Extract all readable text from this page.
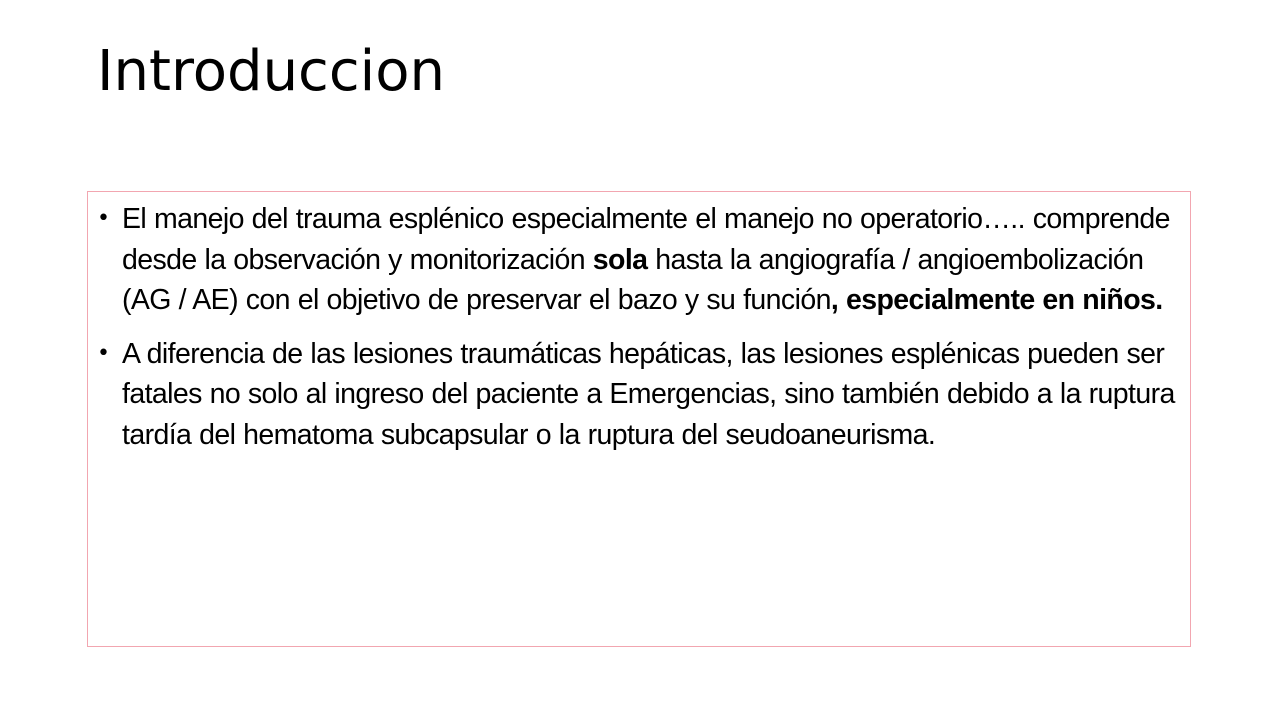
Introduccion
• El manejo del trauma esplénico especialmente el manejo no operatorio….. comprende desde la observación y monitorización sola hasta la angiografía / angioembolización (AG / AE) con el objetivo de preservar el bazo y su función, especialmente en niños.
• A diferencia de las lesiones traumáticas hepáticas, las lesiones esplénicas pueden ser fatales no solo al ingreso del paciente a Emergencias, sino también debido a la ruptura tardía del hematoma subcapsular o la ruptura del seudoaneurisma.
